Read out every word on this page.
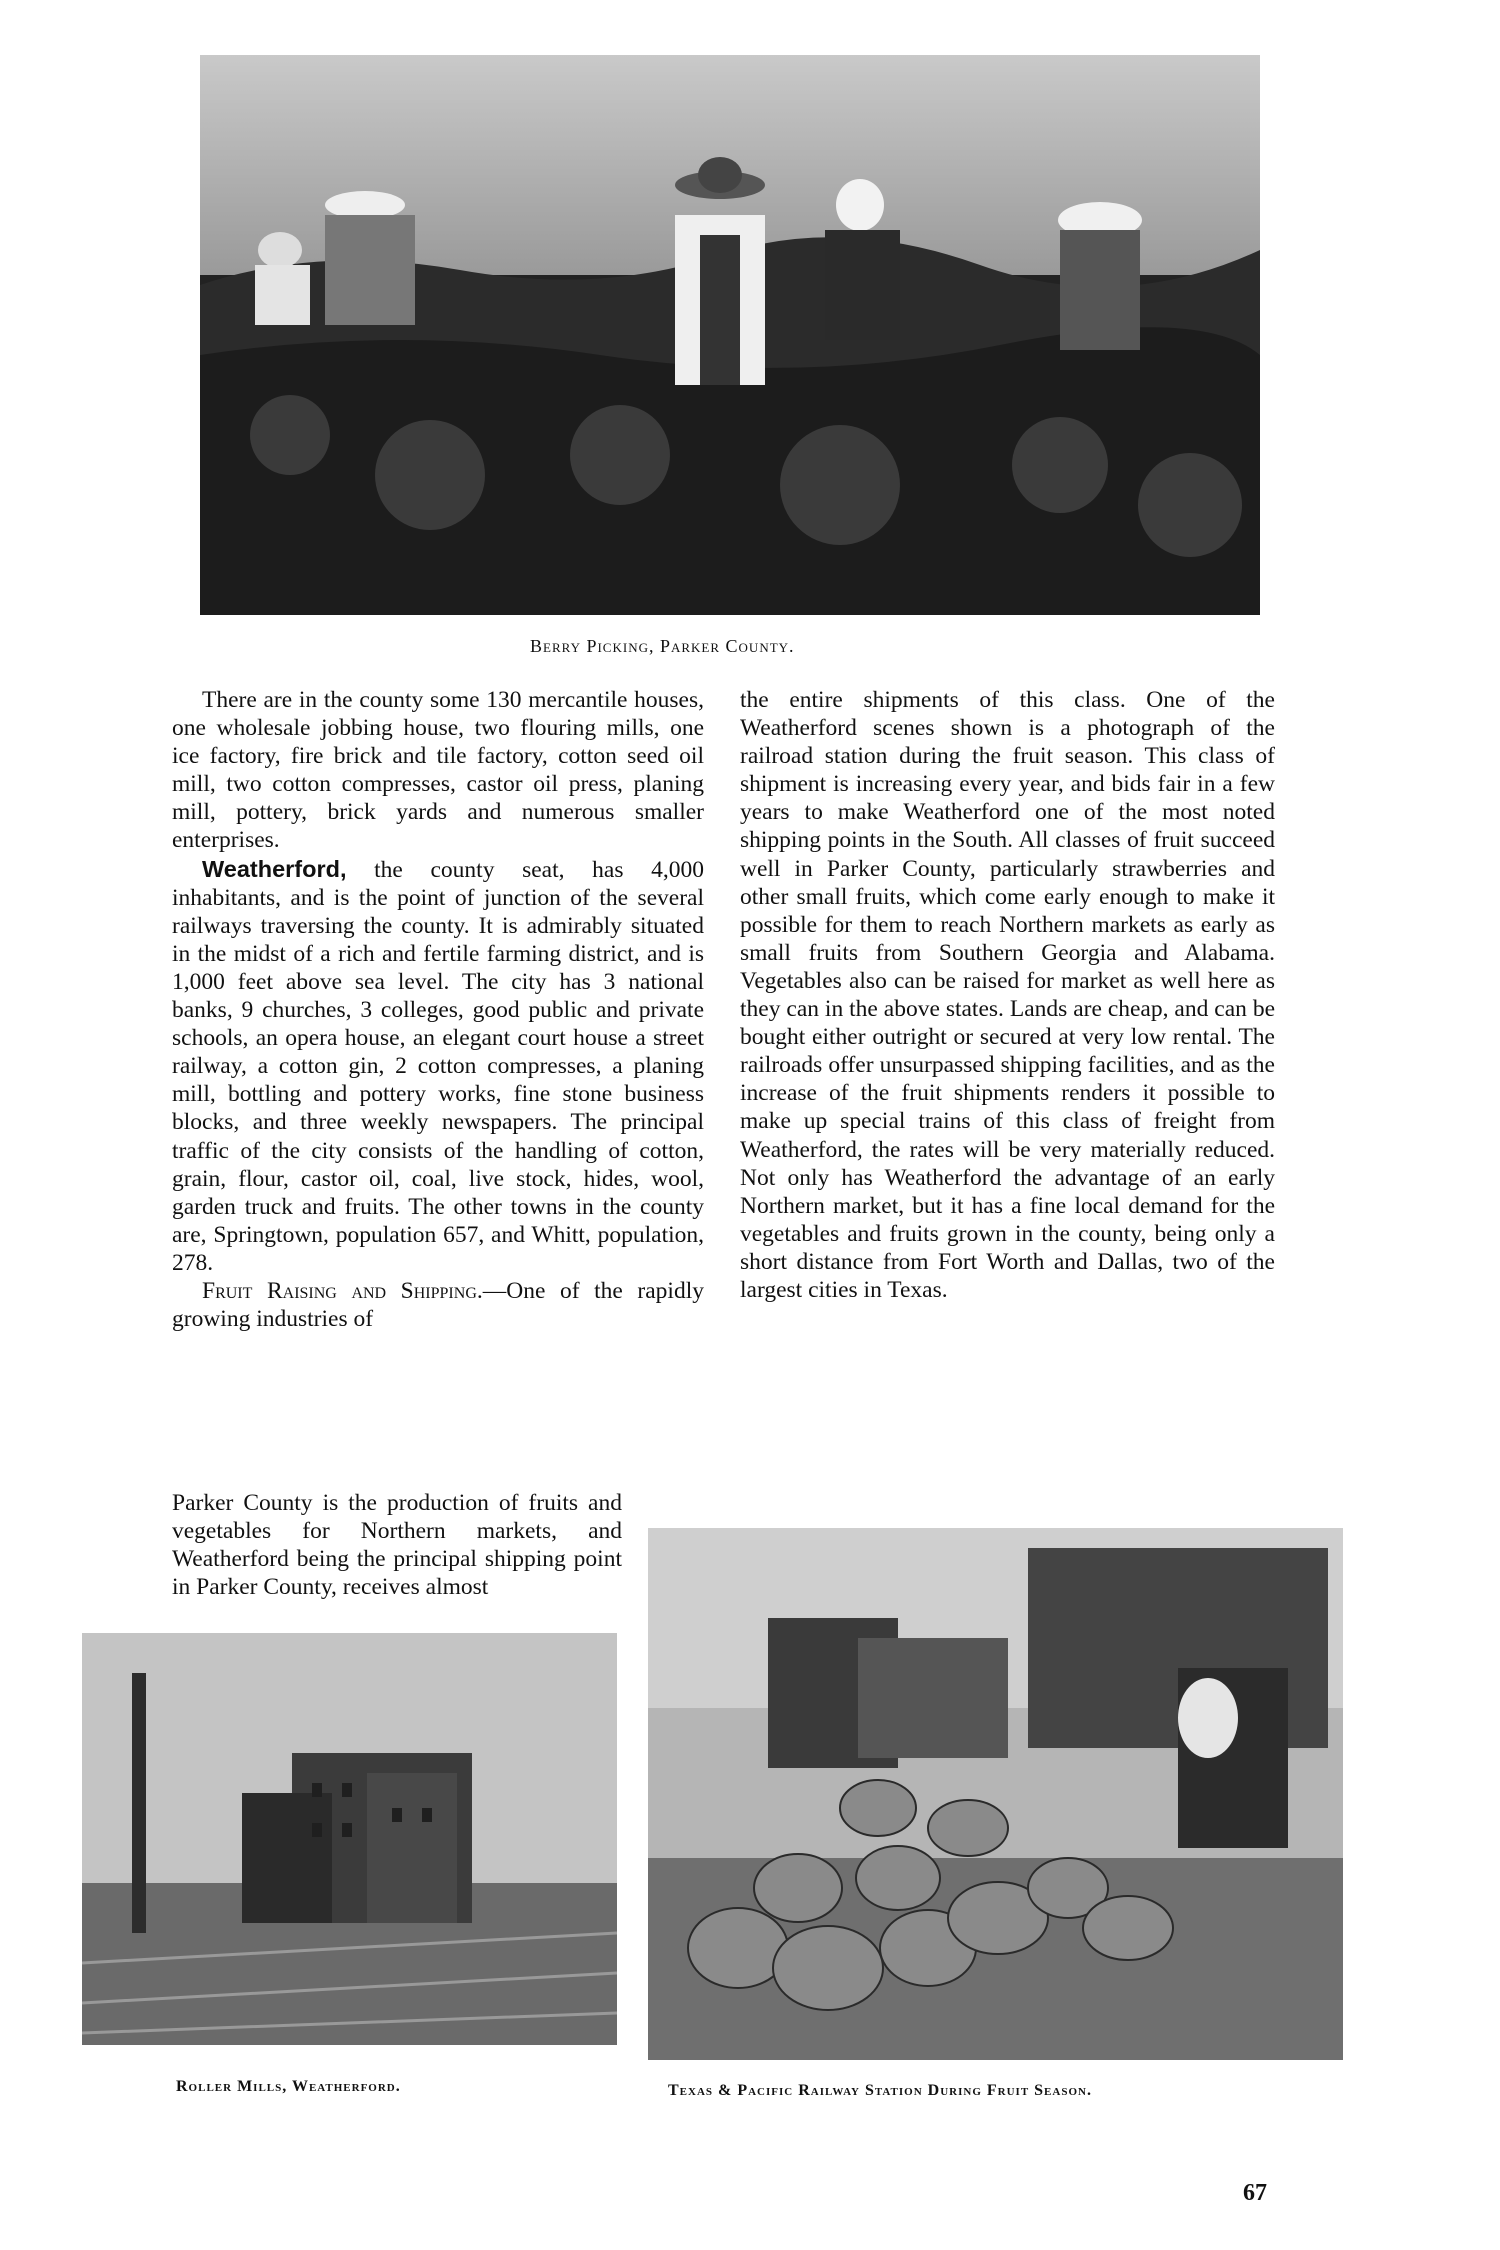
Berry Picking, Parker County.

There are in the county some 130 mercantile houses, one wholesale jobbing house, two flouring mills, one ice factory, fire brick and tile factory, cotton seed oil mill, two cotton compresses, castor oil press, planing mill, pottery, brick yards and numerous smaller enterprises.

Weatherford, the county seat, has 4,000 inhabitants, and is the point of junction of the several railways traversing the county. It is admirably situated in the midst of a rich and fertile farming district, and is 1,000 feet above sea level. The city has 3 national banks, 9 churches, 3 colleges, good public and private schools, an opera house, an elegant court house a street railway, a cotton gin, 2 cotton compresses, a planing mill, bottling and pottery works, fine stone business blocks, and three weekly newspapers. The principal traffic of the city consists of the handling of cotton, grain, flour, castor oil, coal, live stock, hides, wool, garden truck and fruits. The other towns in the county are, Springtown, population 657, and Whitt, population, 278.

Fruit Raising and Shipping.—One of the rapidly growing industries of

Parker County is the production of fruits and vegetables for Northern markets, and Weatherford being the principal shipping point in Parker County, receives almost

the entire shipments of this class. One of the Weatherford scenes shown is a photograph of the railroad station during the fruit season. This class of shipment is increasing every year, and bids fair in a few years to make Weatherford one of the most noted shipping points in the South. All classes of fruit succeed well in Parker County, particularly strawberries and other small fruits, which come early enough to make it possible for them to reach Northern markets as early as small fruits from Southern Georgia and Alabama. Vegetables also can be raised for market as well here as they can in the above states. Lands are cheap, and can be bought either outright or secured at very low rental. The railroads offer unsurpassed shipping facilities, and as the increase of the fruit shipments renders it possible to make up special trains of this class of freight from Weatherford, the rates will be very materially reduced. Not only has Weatherford the advantage of an early Northern market, but it has a fine local demand for the vegetables and fruits grown in the county, being only a short distance from Fort Worth and Dallas, two of the largest cities in Texas.

Roller Mills, Weatherford.	Texas & Pacific Railway Station During Fruit Season.
67
